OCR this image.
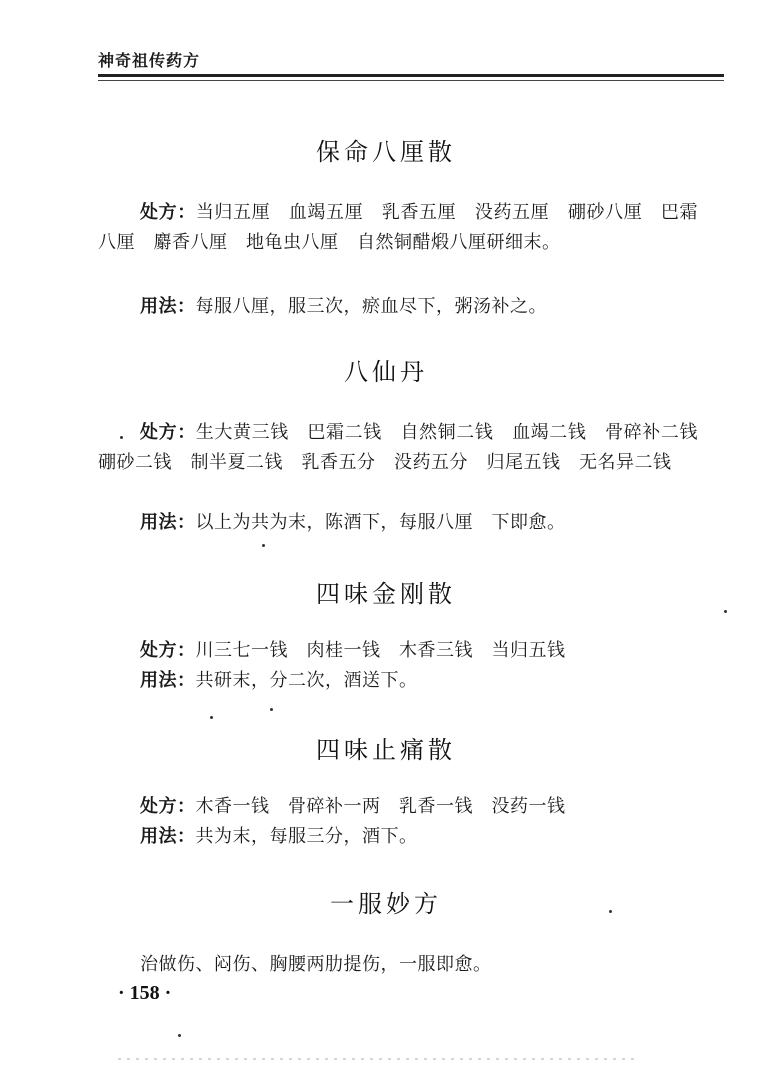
神奇祖传药方
保命八厘散
处方：当归五厘　血竭五厘　乳香五厘　没药五厘　硼砂八厘　巴霜八厘　麝香八厘　地龟虫八厘　自然铜醋煅八厘研细末。
用法：每服八厘，服三次，瘀血尽下，粥汤补之。
八仙丹
处方：生大黄三钱　巴霜二钱　自然铜二钱　血竭二钱　骨碎补二钱　硼砂二钱　制半夏二钱　乳香五分　没药五分　归尾五钱　无名异二钱
用法：以上为共为末，陈酒下，每服八厘　下即愈。
四味金刚散
处方：川三七一钱　肉桂一钱　木香三钱　当归五钱
用法：共研末，分二次，酒送下。
四味止痛散
处方：木香一钱　骨碎补一两　乳香一钱　没药一钱
用法：共为末，每服三分，酒下。
一服妙方
治做伤、闷伤、胸腰两肋提伤，一服即愈。
· 158 ·
